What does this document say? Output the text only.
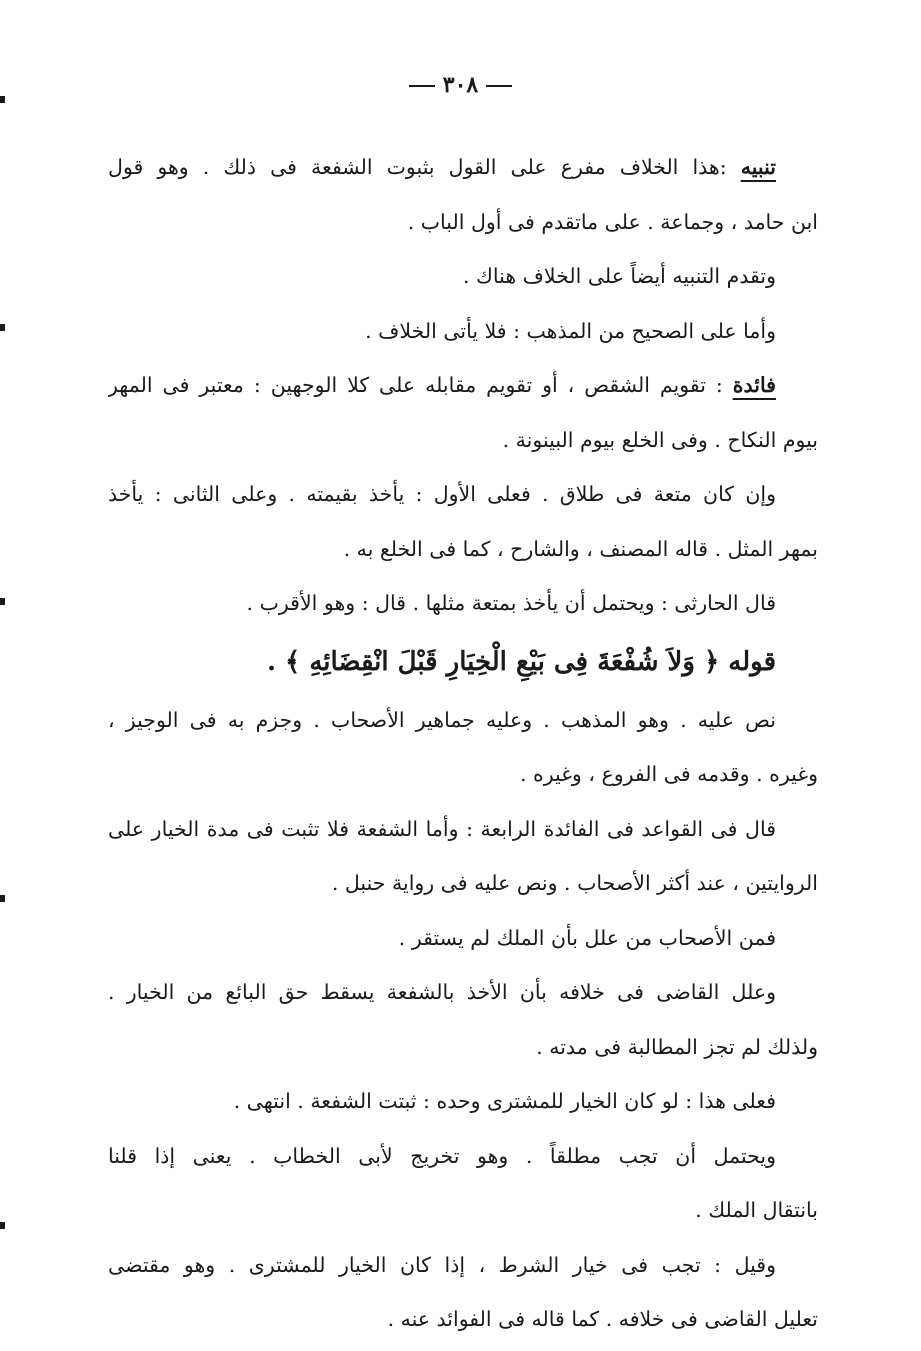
٣٠٨
تنبيه :هذا الخلاف مفرع على القول بثبوت الشفعة فى ذلك . وهو قول
ابن حامد ، وجماعة . على ماتقدم فى أول الباب .
وتقدم التنبيه أيضاً على الخلاف هناك .
وأما على الصحيح من المذهب : فلا يأتى الخلاف .
فائدة : تقويم الشقص ، أو تقويم مقابله على كلا الوجهين : معتبر فى المهر
بيوم النكاح . وفى الخلع بيوم البينونة .
وإن كان متعة فى طلاق . فعلى الأول : يأخذ بقيمته . وعلى الثانى : يأخذ
بمهر المثل . قاله المصنف ، والشارح ، كما فى الخلع به .
قال الحارثى : ويحتمل أن يأخذ بمتعة مثلها . قال : وهو الأقرب .
قوله ﴿ وَلاَ شُفْعَةَ فِى بَيْعِ الْخِيَارِ قَبْلَ انْقِضَائِهِ ﴾ .
نص عليه . وهو المذهب . وعليه جماهير الأصحاب . وجزم به فى الوجيز ،
وغيره . وقدمه فى الفروع ، وغيره .
قال فى القواعد فى الفائدة الرابعة : وأما الشفعة فلا تثبت فى مدة الخيار على
الروايتين ، عند أكثر الأصحاب . ونص عليه فى رواية حنبل .
فمن الأصحاب من علل بأن الملك لم يستقر .
وعلل القاضى فى خلافه بأن الأخذ بالشفعة يسقط حق البائع من الخيار .
ولذلك لم تجز المطالبة فى مدته .
فعلى هذا : لو كان الخيار للمشترى وحده : ثبتت الشفعة . انتهى .
ويحتمل أن تجب مطلقاً . وهو تخريج لأبى الخطاب . يعنى إذا قلنا
بانتقال الملك .
وقيل : تجب فى خيار الشرط ، إذا كان الخيار للمشترى . وهو مقتضى
تعليل القاضى فى خلافه . كما قاله فى الفوائد عنه .
